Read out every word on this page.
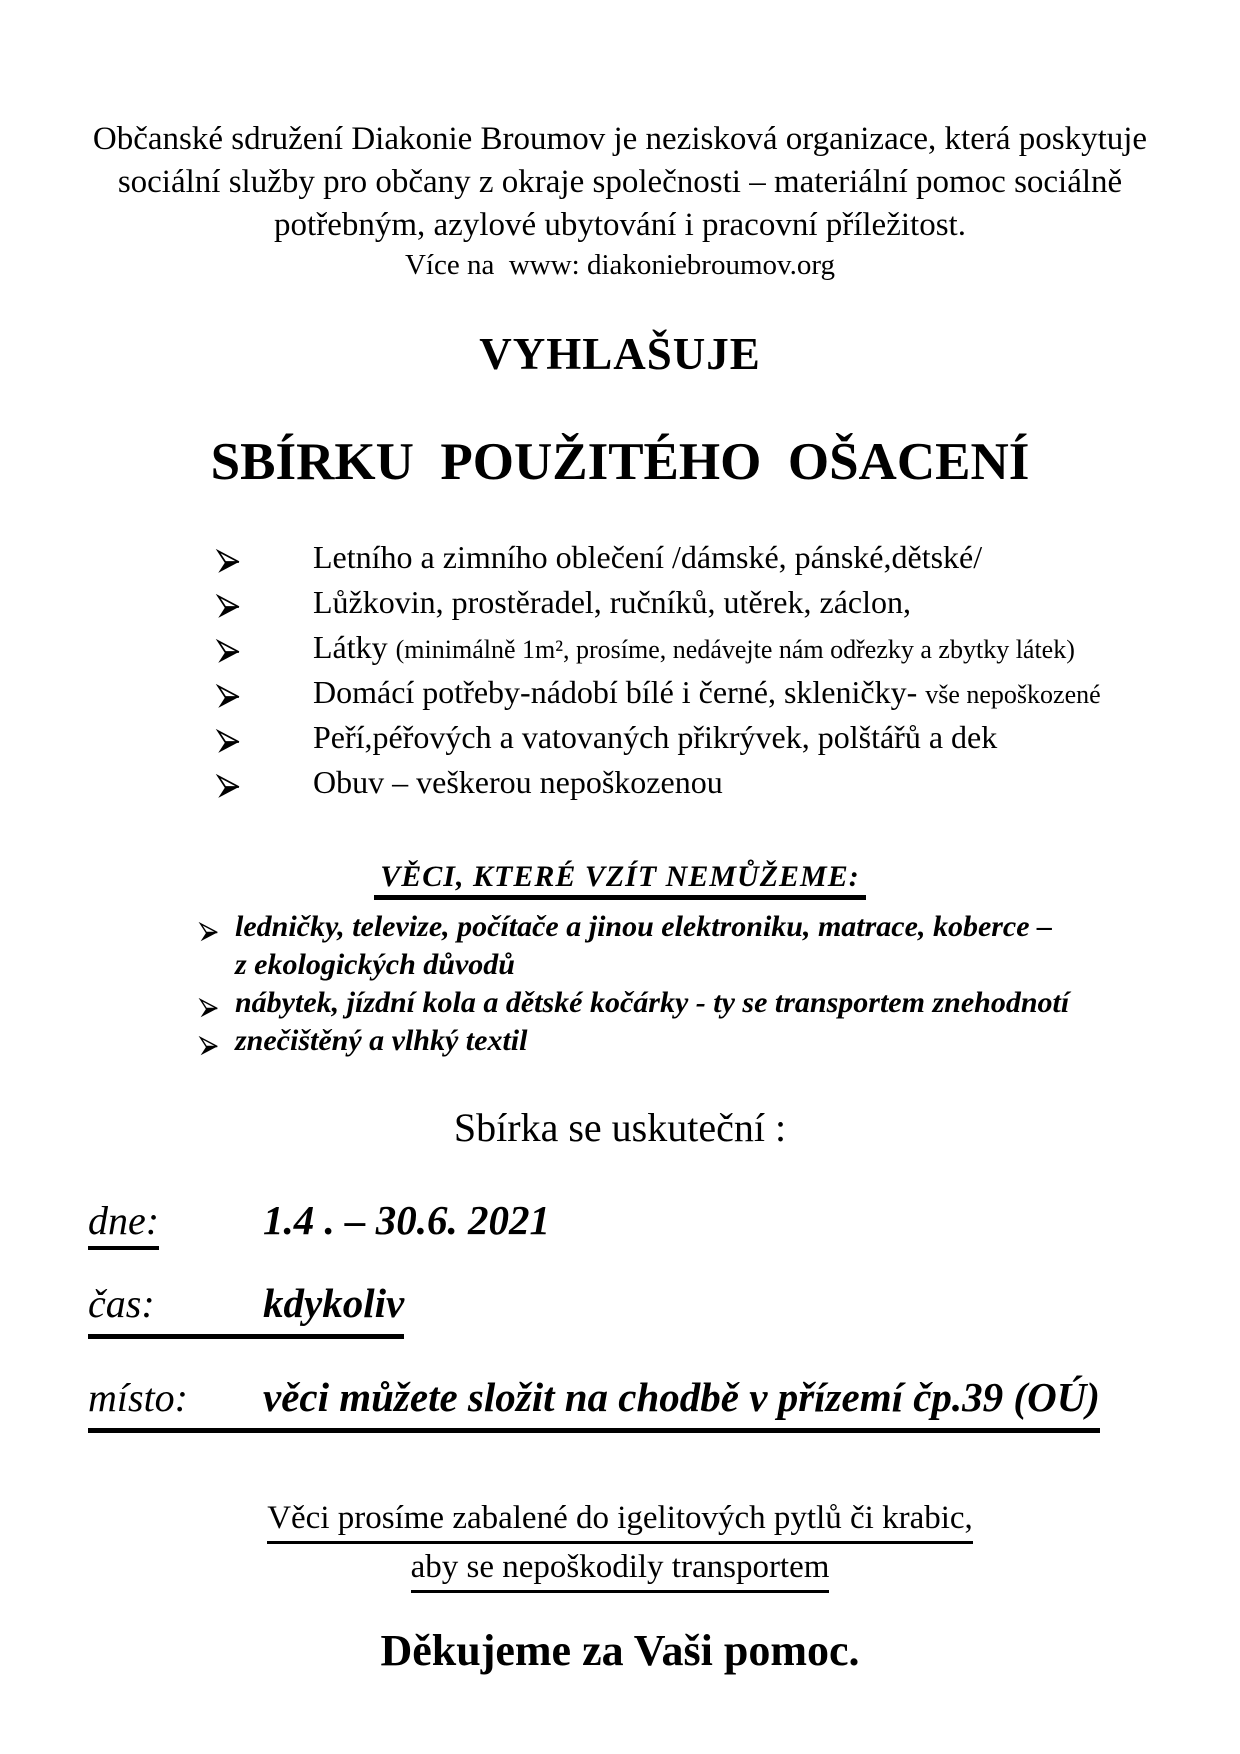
Občanské sdružení Diakonie Broumov je nezisková organizace, která poskytuje sociální služby pro občany z okraje společnosti – materiální pomoc sociálně potřebným, azylové ubytování i pracovní příležitost.

Více na  www: diakoniebroumov.org

VYHLAŠUJE
SBÍRKU  POUŽITÉHO  OŠACENÍ
Letního a zimního oblečení /dámské, pánské,dětské/
Lůžkovin, prostěradel, ručníků, utěrek, záclon,
Látky (minimálně 1m², prosíme, nedávejte nám odřezky a zbytky látek)
Domácí potřeby-nádobí bílé i černé, skleničky- vše nepoškozené
Peří,péřových a vatovaných přikrývek, polštářů a dek
Obuv – veškerou nepoškozenou
VĚCI, KTERÉ VZÍT NEMŮŽEME:
ledničky, televize, počítače a jinou elektroniku, matrace, koberce –
z ekologických důvodů
nábytek, jízdní kola a dětské kočárky - ty se transportem znehodnotí
znečištěný a vlhký textil
Sbírka se uskuteční :
dne:	1.4 . – 30.6. 2021
čas:	kdykoliv
místo: věci můžete složit na chodbě v přízemí čp.39 (OÚ)
Věci prosíme zabalené do igelitových pytlů či krabic,
aby se nepoškodily transportem
Děkujeme za Vaši pomoc.
